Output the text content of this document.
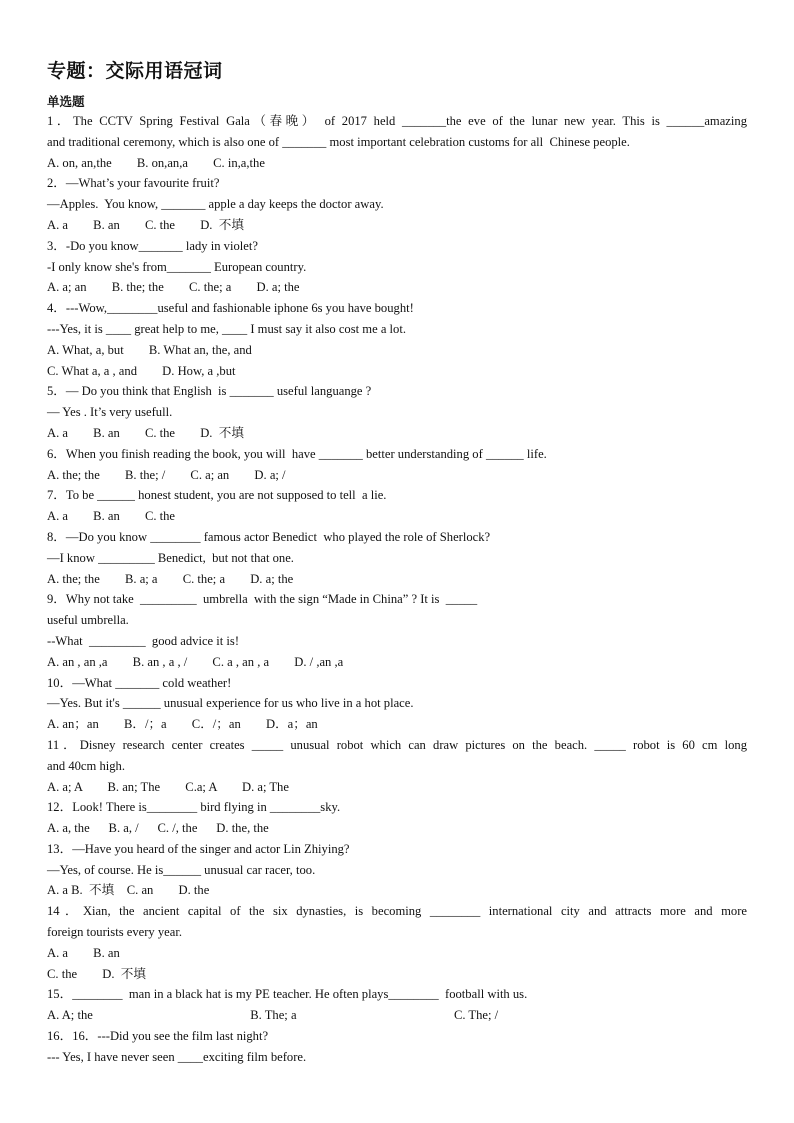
专题：交际用语冠词
单选题
1．The CCTV Spring Festival Gala（春晚） of 2017 held _______the eve of the lunar new year. This is ______amazing
and traditional ceremony, which is also one of _______ most important celebration customs for all  Chinese people.
A. on, an,the        B. on,an,a        C. in,a,the
2．—What’s your favourite fruit?
—Apples.  You know, _______ apple a day keeps the doctor away.
A. a        B. an        C. the        D.  不填
3．-Do you know_______ lady in violet?
-I only know she's from_______ European country.
A. a; an        B. the; the        C. the; a        D. a; the
4．---Wow,________useful and fashionable iphone 6s you have bought!
---Yes, it is ____ great help to me, ____ I must say it also cost me a lot.
A. What, a, but        B. What an, the, and
C. What a, a , and        D. How, a ,but
5．— Do you think that English  is _______ useful languange ?
— Yes . It’s very usefull.
A. a        B. an        C. the        D.  不填
6．When you finish reading the book, you will  have _______ better understanding of ______ life.
A. the; the        B. the; /        C. a; an        D. a; /
7．To be ______ honest student, you are not supposed to tell  a lie.
A. a        B. an        C. the
8．—Do you know ________ famous actor Benedict  who played the role of Sherlock?
—I know _________ Benedict,  but not that one.
A. the; the        B. a; a        C. the; a        D. a; the
9．Why not take  _________  umbrella  with the sign “Made in China” ? It is  _____
useful umbrella.
--What  _________  good advice it is!
A. an , an ,a        B. an , a , /        C. a , an , a        D. / ,an ,a
10．—What _______ cold weather!
—Yes. But it's ______ unusual experience for us who live in a hot place.
A. an；an        B．/；a        C．/；an        D．a；an
11．Disney research center creates _____ unusual robot which can draw pictures on the beach. _____ robot is 60 cm long
and 40cm high.
A. a; A        B. an; The        C.a; A        D. a; The
12．Look! There is________ bird flying in ________sky.
A. a, the      B. a, /      C. /, the      D. the, the
13．—Have you heard of the singer and actor Lin Zhiying?
—Yes, of course. He is______ unusual car racer, too.
A. a B.  不填    C. an        D. the
14．Xian, the ancient capital of the six dynasties, is becoming ________ international city and attracts more and more
foreign tourists every year.
A. a        B. an
C. the        D.  不填
15．________  man in a black hat is my PE teacher. He often plays________  football with us.
A. A; the                                                  B. The; a                                                  C. The; /
16．16．---Did you see the film last night?
--- Yes, I have never seen ____exciting film before.
